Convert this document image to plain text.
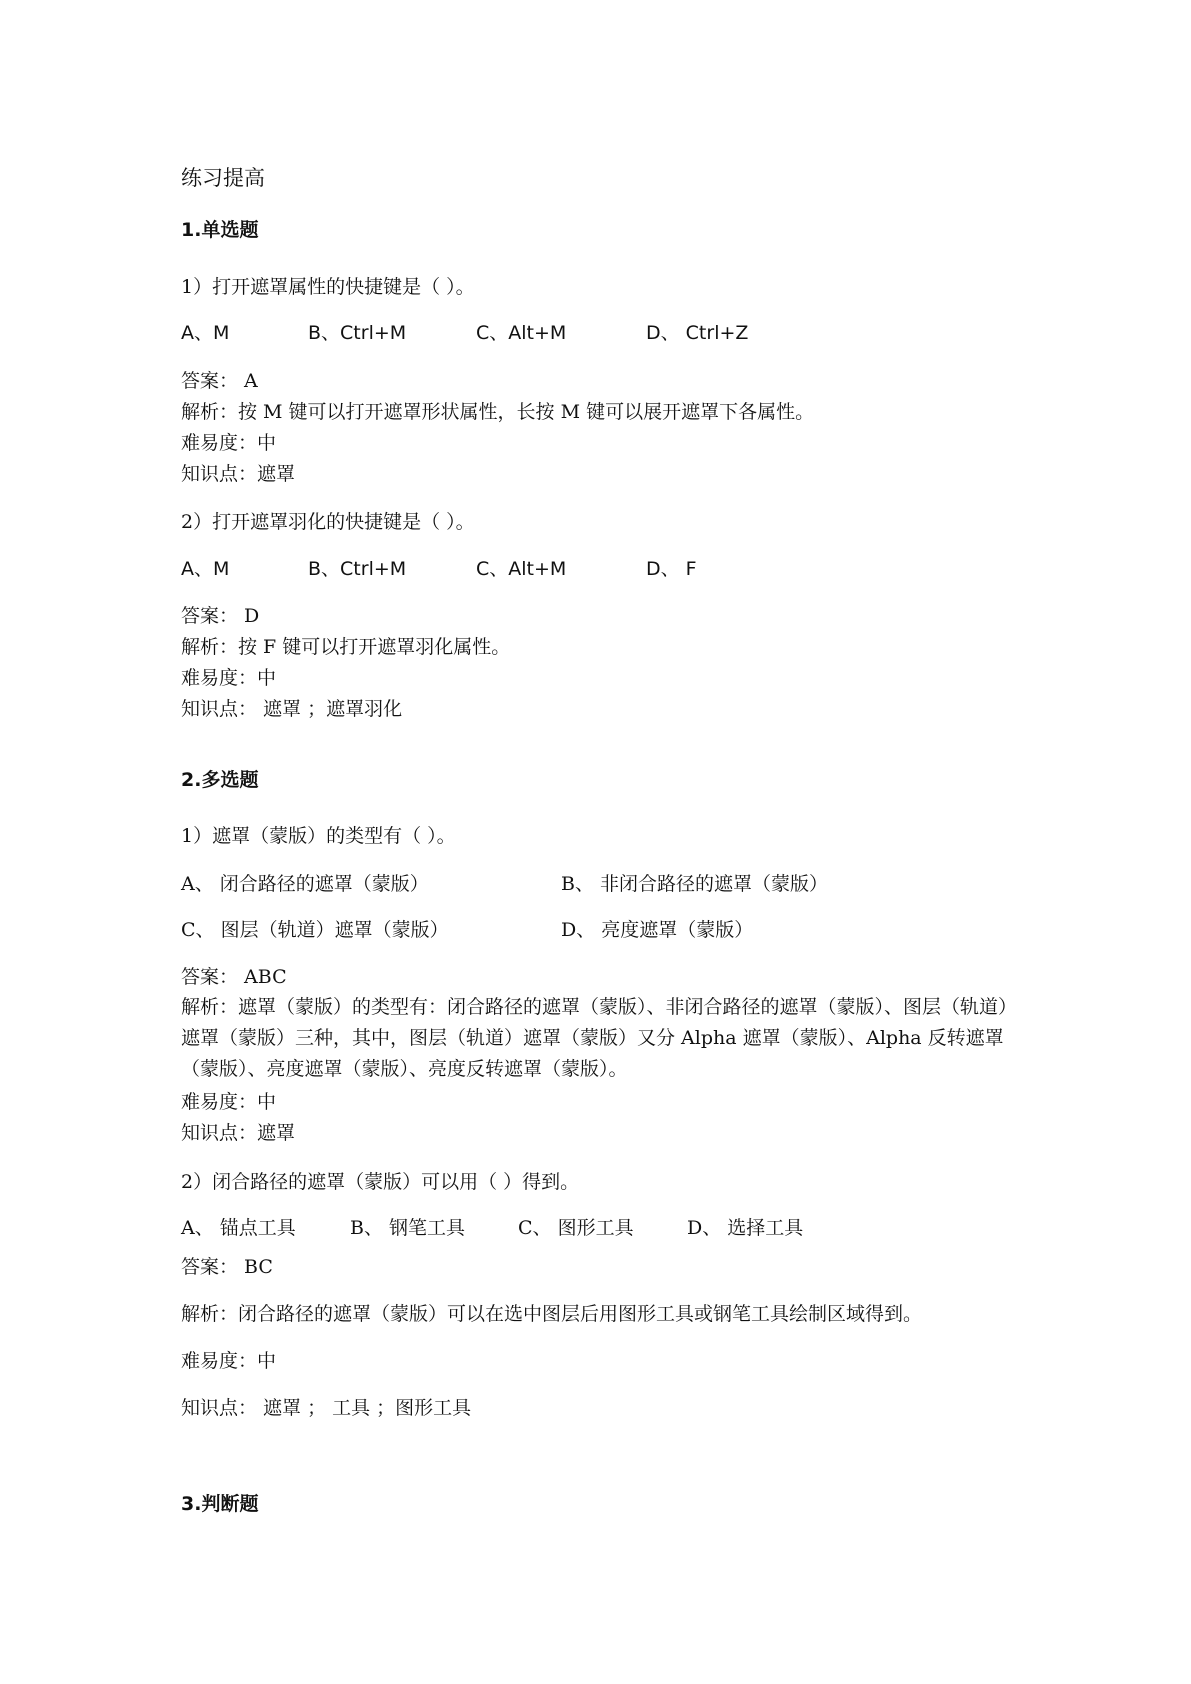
练习提高
1.单选题
1）打开遮罩属性的快捷键是（ ）。
A、M	B、Ctrl+M	C、Alt+M	D、 Ctrl+Z
答案： A
解析：按 M 键可以打开遮罩形状属性，长按 M 键可以展开遮罩下各属性。
难易度：中
知识点：遮罩
2）打开遮罩羽化的快捷键是（ ）。
A、M	B、Ctrl+M	C、Alt+M	D、 F
答案： D
解析：按 F 键可以打开遮罩羽化属性。
难易度：中
知识点： 遮罩 ；遮罩羽化
2.多选题
1）遮罩（蒙版）的类型有（ ）。
A、 闭合路径的遮罩（蒙版）	B、 非闭合路径的遮罩（蒙版）
C、 图层（轨道）遮罩（蒙版）	D、 亮度遮罩（蒙版）
答案： ABC
解析：遮罩（蒙版）的类型有：闭合路径的遮罩（蒙版）、非闭合路径的遮罩（蒙版）、图层（轨道）遮罩（蒙版）三种，其中，图层（轨道）遮罩（蒙版）又分 Alpha 遮罩（蒙版）、Alpha 反转遮罩（蒙版）、亮度遮罩（蒙版）、亮度反转遮罩（蒙版）。
难易度：中
知识点：遮罩
2）闭合路径的遮罩（蒙版）可以用（ ）得到。
A、 锚点工具	B、 钢笔工具	C、 图形工具	D、 选择工具
答案： BC
解析：闭合路径的遮罩（蒙版）可以在选中图层后用图形工具或钢笔工具绘制区域得到。
难易度：中
知识点： 遮罩 ； 工具 ；图形工具
3.判断题
